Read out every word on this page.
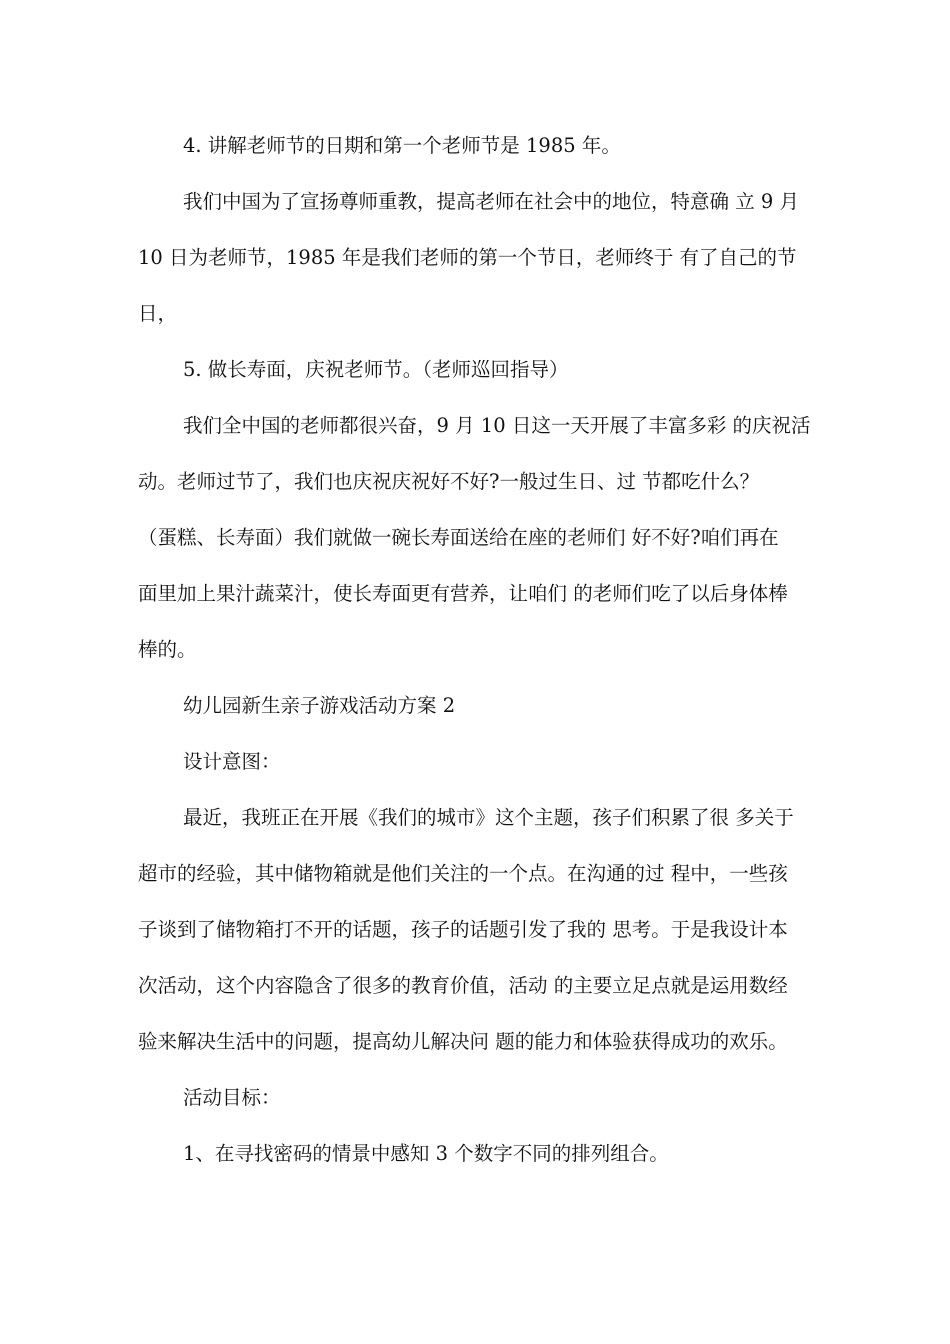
4. 讲解老师节的日期和第一个老师节是 1985 年。
我们中国为了宣扬尊师重教，提高老师在社会中的地位，特意确 立 9 月
10 日为老师节，1985 年是我们老师的第一个节日，老师终于 有了自己的节
日，
5. 做长寿面，庆祝老师节。（老师巡回指导）
我们全中国的老师都很兴奋，9 月 10 日这一天开展了丰富多彩 的庆祝活
动。老师过节了，我们也庆祝庆祝好不好?一般过生日、过 节都吃什么？
（蛋糕、长寿面）我们就做一碗长寿面送给在座的老师们 好不好?咱们再在
面里加上果汁蔬菜汁，使长寿面更有营养，让咱们 的老师们吃了以后身体棒
棒的。
幼儿园新生亲子游戏活动方案 2
设计意图：
最近，我班正在开展《我们的城市》这个主题，孩子们积累了很 多关于
超市的经验，其中储物箱就是他们关注的一个点。在沟通的过 程中，一些孩
子谈到了储物箱打不开的话题，孩子的话题引发了我的 思考。于是我设计本
次活动，这个内容隐含了很多的教育价值，活动 的主要立足点就是运用数经
验来解决生活中的问题，提高幼儿解决问 题的能力和体验获得成功的欢乐。
活动目标：
1、在寻找密码的情景中感知 3 个数字不同的排列组合。
